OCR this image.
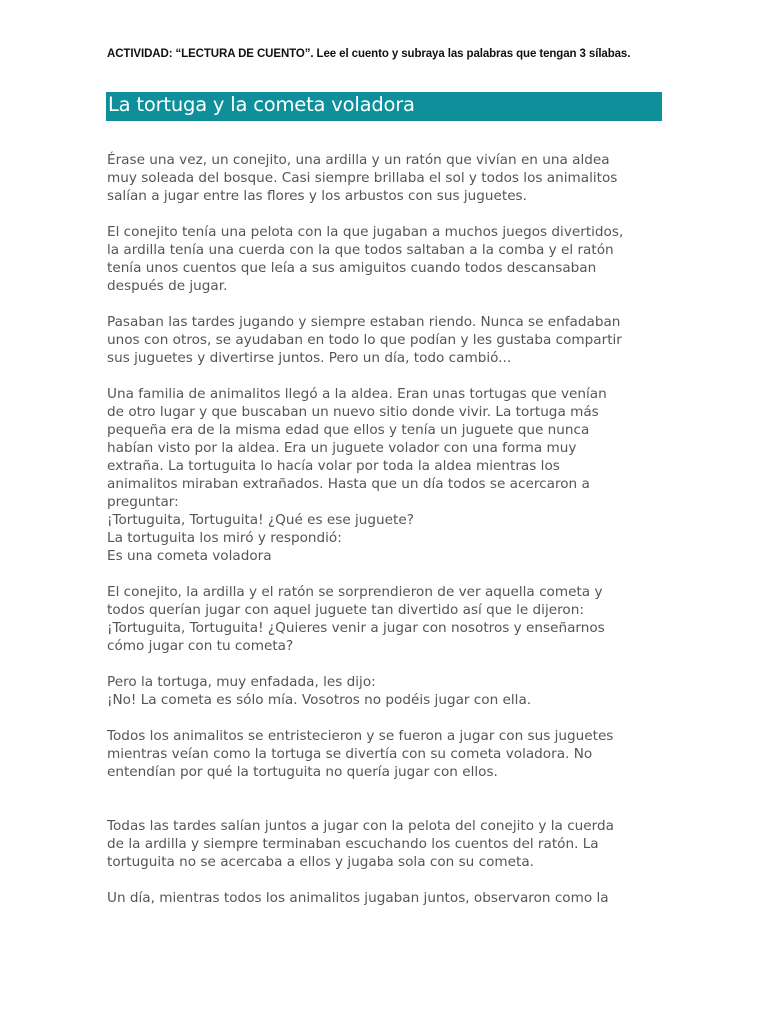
ACTIVIDAD: “LECTURA DE CUENTO”. Lee el cuento y subraya las palabras que tengan 3 sílabas.
La tortuga y la cometa voladora

Érase una vez, un conejito, una ardilla y un ratón que vivían en una aldea
muy soleada del bosque. Casi siempre brillaba el sol y todos los animalitos
salían a jugar entre las flores y los arbustos con sus juguetes.

El conejito tenía una pelota con la que jugaban a muchos juegos divertidos,
la ardilla tenía una cuerda con la que todos saltaban a la comba y el ratón
tenía unos cuentos que leía a sus amiguitos cuando todos descansaban
después de jugar.

Pasaban las tardes jugando y siempre estaban riendo. Nunca se enfadaban
unos con otros, se ayudaban en todo lo que podían y les gustaba compartir
sus juguetes y divertirse juntos. Pero un día, todo cambió...

Una familia de animalitos llegó a la aldea. Eran unas tortugas que venían
de otro lugar y que buscaban un nuevo sitio donde vivir. La tortuga más
pequeña era de la misma edad que ellos y tenía un juguete que nunca
habían visto por la aldea. Era un juguete volador con una forma muy
extraña. La tortuguita lo hacía volar por toda la aldea mientras los
animalitos miraban extrañados. Hasta que un día todos se acercaron a
preguntar:
¡Tortuguita, Tortuguita! ¿Qué es ese juguete?
La tortuguita los miró y respondió:
Es una cometa voladora

El conejito, la ardilla y el ratón se sorprendieron de ver aquella cometa y
todos querían jugar con aquel juguete tan divertido así que le dijeron:
¡Tortuguita, Tortuguita! ¿Quieres venir a jugar con nosotros y enseñarnos
cómo jugar con tu cometa?

Pero la tortuga, muy enfadada, les dijo:
¡No! La cometa es sólo mía. Vosotros no podéis jugar con ella.

Todos los animalitos se entristecieron y se fueron a jugar con sus juguetes
mientras veían como la tortuga se divertía con su cometa voladora. No
entendían por qué la tortuguita no quería jugar con ellos.

Todas las tardes salían juntos a jugar con la pelota del conejito y la cuerda
de la ardilla y siempre terminaban escuchando los cuentos del ratón. La
tortuguita no se acercaba a ellos y jugaba sola con su cometa.

Un día, mientras todos los animalitos jugaban juntos, observaron como la
